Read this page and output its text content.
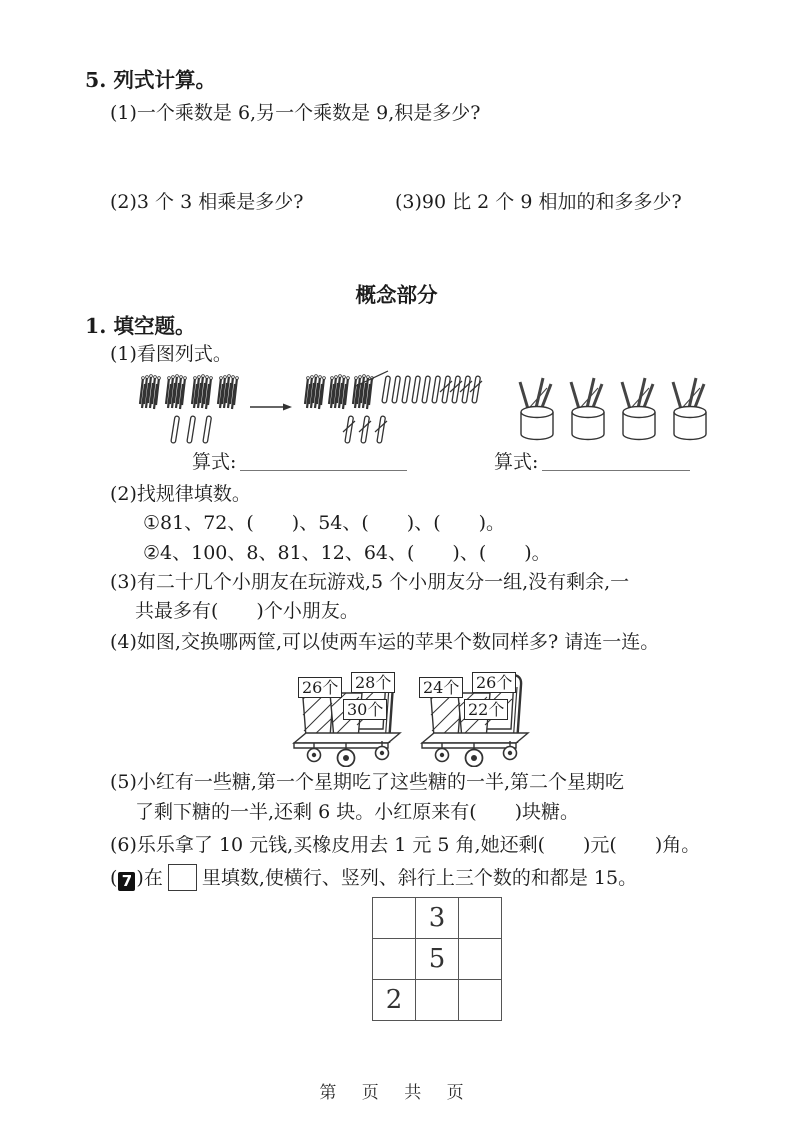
5. 列式计算。
(1)一个乘数是 6,另一个乘数是 9,积是多少?
(2)3 个 3 相乘是多少?	(3)90 比 2 个 9 相加的和多多少?
概念部分
1. 填空题。
(1)看图列式。
算式:	算式:
(2)找规律填数。
①81、72、(　　)、54、(　　)、(　　)。
②4、100、8、81、12、64、(　　)、(　　)。
(3)有二十几个小朋友在玩游戏,5 个小朋友分一组,没有剩余,一
共最多有(　　)个小朋友。
(4)如图,交换哪两筐,可以使两车运的苹果个数同样多? 请连一连。
26个 28个
30个
24个 26个
22个
(5)小红有一些糖,第一个星期吃了这些糖的一半,第二个星期吃
了剩下糖的一半,还剩 6 块。小红原来有(　　)块糖。
(6)乐乐拿了 10 元钱,买橡皮用去 1 元 5 角,她还剩(　　)元(　　)角。
( 7 )在 里填数,使横行、竖列、斜行上三个数的和都是 15。
	3	
	5	
2		
第 页 共 页
